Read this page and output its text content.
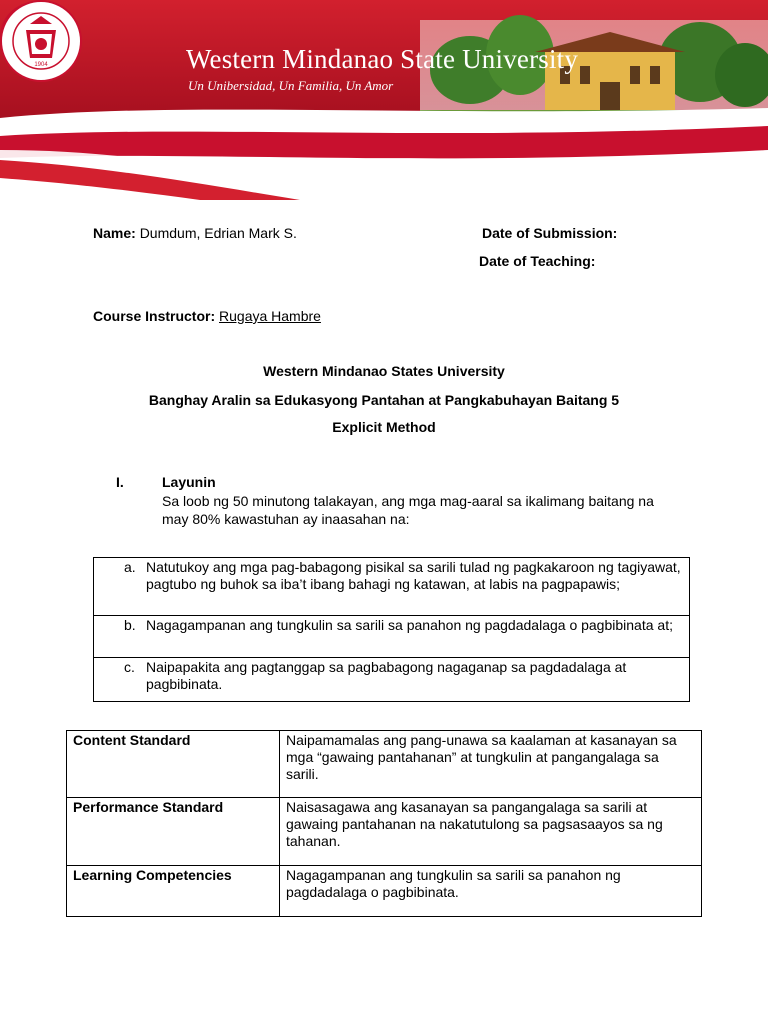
1904	Western Mindanao State University
Un Unibersidad, Un Familia, Un Amor
Name: Dumdum, Edrian Mark S.	Date of Submission:
Date of Teaching:
Course Instructor: Rugaya Hambre
Western Mindanao States University
Banghay Aralin sa Edukasyong Pantahan at Pangkabuhayan Baitang 5
Explicit Method
I.	Layunin
Sa loob ng 50 minutong talakayan, ang mga mag-aaral sa ikalimang baitang na may 80% kawastuhan ay inaasahan na:
a. Natutukoy ang mga pag-babagong pisikal sa sarili tulad ng pagkakaroon ng tagiyawat, pagtubo ng buhok sa iba’t ibang bahagi ng katawan, at labis na pagpapawis;

b. Nagagampanan ang tungkulin sa sarili sa panahon ng pagdadalaga o pagbibinata at;

c. Naipapakita ang pagtanggap sa pagbabagong nagaganap sa pagdadalaga at pagbibinata.
Content Standard	Naipamamalas ang pang-unawa sa kaalaman at kasanayan sa mga “gawaing pantahanan” at tungkulin at pangangalaga sa sarili.
Performance Standard	Naisasagawa ang kasanayan sa pangangalaga sa sarili at gawaing pantahanan na nakatutulong sa pagsasaayos sa ng tahanan.
Learning Competencies	Nagagampanan ang tungkulin sa sarili sa panahon ng pagdadalaga o pagbibinata.
